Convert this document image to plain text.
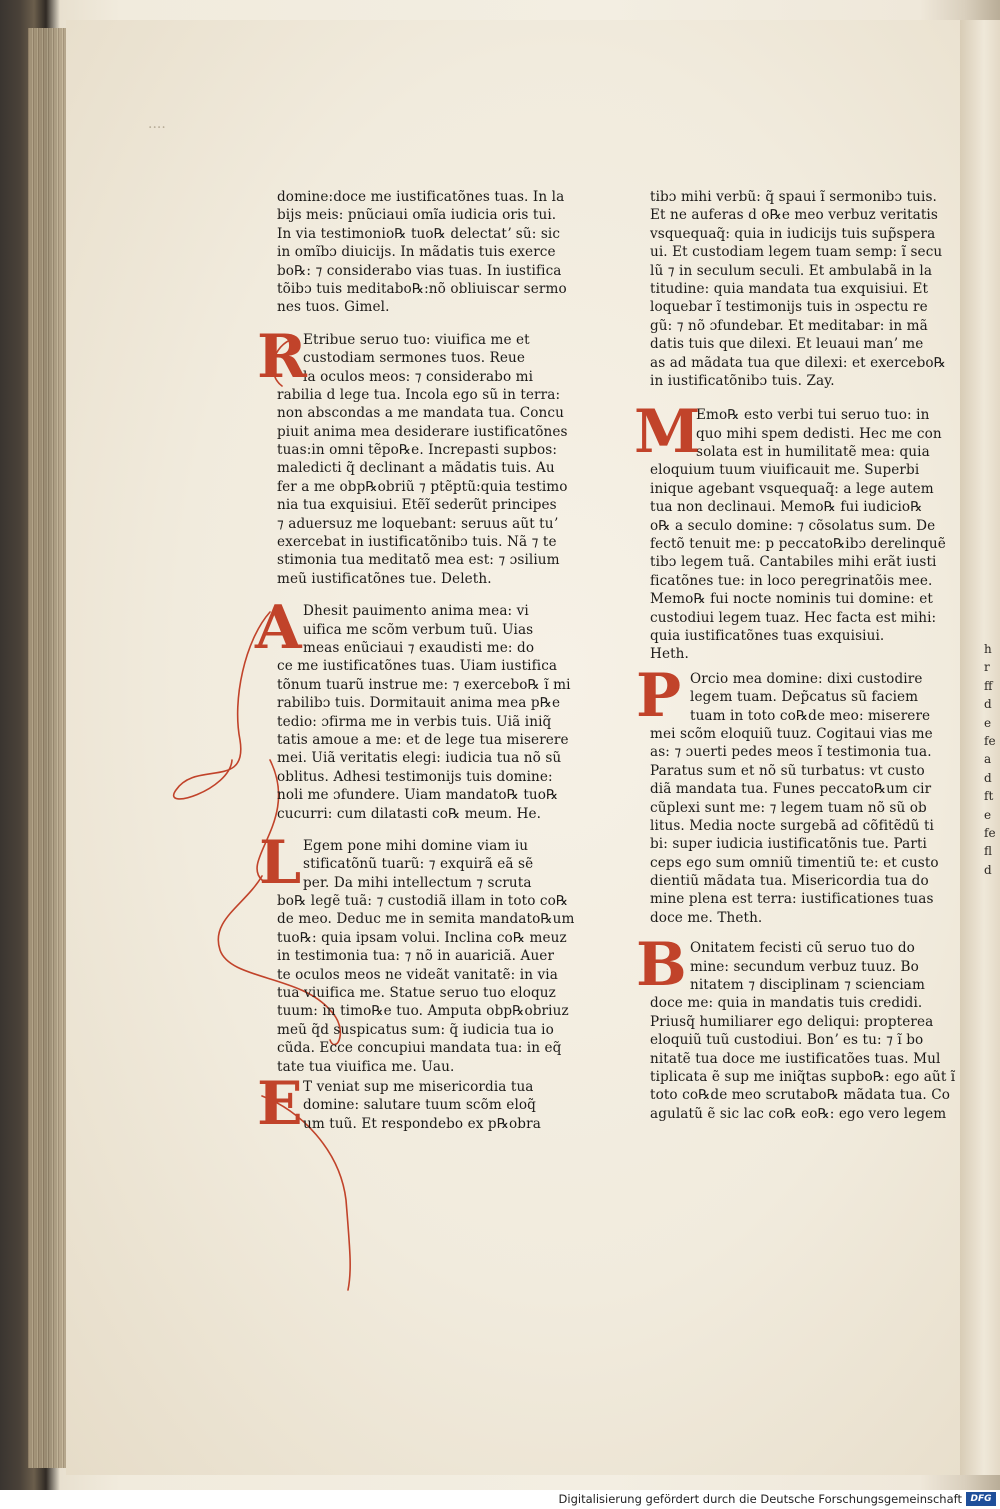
····
domine:doce me iustificatõnes tuas. In la
bijs meis: pnũciaui omĩa iudicia oris tui.
In via testimonio℞ tuo℞ delectatʼ sũ: sic
in omĩbɔ diuicijs. In mãdatis tuis exerce
bo℞: ⁊ considerabo vias tuas. In iustifica
tõibɔ tuis meditabo℞:nõ obliuiscar sermo
nes tuos. Gimel.
R
Etribue seruo tuo: viuifica me et
custodiam sermones tuos. Reue
la oculos meos: ⁊ considerabo mi
rabilia d lege tua. Incola ego sũ in terra:
non abscondas a me mandata tua. Concu
piuit anima mea desiderare iustificatõnes
tuas:in omni tẽpo℞e. Increpasti supbos:
maledicti q̃ declinant a mãdatis tuis. Au
fer a me obp℞obriũ ⁊ ptẽptũ:quia testimo
nia tua exquisiui. Etẽĩ sederũt principes
⁊ aduersuz me loquebant: seruus aũt tuʼ
exercebat in iustificatõnibɔ tuis. Nã ⁊ te
stimonia tua meditatõ mea est: ⁊ ɔsilium
meũ iustificatõnes tue. Deleth.
A Dhesit pauimento anima mea: vi
uifica me scõm verbum tuũ. Uias
meas enũciaui ⁊ exaudisti me: do
ce me iustificatõnes tuas. Uiam iustifica
tõnum tuarũ instrue me: ⁊ exercebo℞ ĩ mi
rabilibɔ tuis. Dormitauit anima mea p℞e
tedio: ɔfirma me in verbis tuis. Uiã iniq̃
tatis amoue a me: et de lege tua miserere
mei. Uiã veritatis elegi: iudicia tua nõ sũ
oblitus. Adhesi testimonijs tuis domine:
noli me ɔfundere. Uiam mandato℞ tuo℞
cucurri: cum dilatasti co℞ meum. He.
L Egem pone mihi domine viam iu
stificatõnũ tuarũ: ⁊ exquirã eã sẽ
per. Da mihi intellectum ⁊ scruta
bo℞ legẽ tuã: ⁊ custodiã illam in toto co℞
de meo. Deduc me in semita mandato℞um
tuo℞: quia ipsam volui. Inclina co℞ meuz
in testimonia tua: ⁊ nõ in auariciã. Auer
te oculos meos ne videãt vanitatẽ: in via
tua viuifica me. Statue seruo tuo eloquz
tuum: in timo℞e tuo. Amputa obp℞obriuz
meũ q̃d suspicatus sum: q̃ iudicia tua io
cũda. Ecce concupiui mandata tua: in eq̃
tate tua viuifica me. Uau.
E T veniat sup me misericordia tua
domine: salutare tuum scõm eloq̃
um tuũ. Et respondebo ex p℞obra
tibɔ mihi verbũ: q̃ spaui ĩ sermonibɔ tuis.
Et ne auferas d o℞e meo verbuz veritatis
vsquequaq̃: quia in iudicijs tuis sup̃spera
ui. Et custodiam legem tuam semp: ĩ secu
lũ ⁊ in seculum seculi. Et ambulabã in la
titudine: quia mandata tua exquisiui. Et
loquebar ĩ testimonijs tuis in ɔspectu re
gũ: ⁊ nõ ɔfundebar. Et meditabar: in mã
datis tuis que dilexi. Et leuaui manʼ me
as ad mãdata tua que dilexi: et exercebo℞
in iustificatõnibɔ tuis. Zay.
M
Emo℞ esto verbi tui seruo tuo: in
quo mihi spem dedisti. Hec me con
solata est in humilitatẽ mea: quia
eloquium tuum viuificauit me. Superbi
inique agebant vsquequaq̃: a lege autem
tua non declinaui. Memo℞ fui iudicio℞
o℞ a seculo domine: ⁊ cõsolatus sum. De
fectõ tenuit me: p peccato℞ibɔ derelinquẽ
tibɔ legem tuã. Cantabiles mihi erãt iusti
ficatõnes tue: in loco peregrinatõis mee.
Memo℞ fui nocte nominis tui domine: et
custodiui legem tuaz. Hec facta est mihi:
quia iustificatõnes tuas exquisiui.
Heth.
P Orcio mea domine: dixi custodire
legem tuam. Dep̃catus sũ faciem
tuam in toto co℞de meo: miserere
mei scõm eloquiũ tuuz. Cogitaui vias me
as: ⁊ ɔuerti pedes meos ĩ testimonia tua.
Paratus sum et nõ sũ turbatus: vt custo
diã mandata tua. Funes peccato℞um cir
cũplexi sunt me: ⁊ legem tuam nõ sũ ob
litus. Media nocte surgebã ad cõfitẽdũ ti
bi: super iudicia iustificatõnis tue. Parti
ceps ego sum omniũ timentiũ te: et custo
dientiũ mãdata tua. Misericordia tua do
mine plena est terra: iustificationes tuas
doce me. Theth.
B Onitatem fecisti cũ seruo tuo do
mine: secundum verbuz tuuz. Bo
nitatem ⁊ disciplinam ⁊ scienciam
doce me: quia in mandatis tuis credidi.
Priusq̃ humiliarer ego deliqui: propterea
eloquiũ tuũ custodiui. Bonʼ es tu: ⁊ ĩ bo
nitatẽ tua doce me iustificatões tuas. Mul
tiplicata ẽ sup me iniq̃tas supbo℞: ego aũt ĩ
toto co℞de meo scrutabo℞ mãdata tua. Co
agulatũ ẽ sic lac co℞ eo℞: ego vero legem
h
r
ff
d
e
fe
a
d
ft
e
fe
fl
d
Digitalisierung gefördert durch die Deutsche Forschungsgemeinschaft DFG
